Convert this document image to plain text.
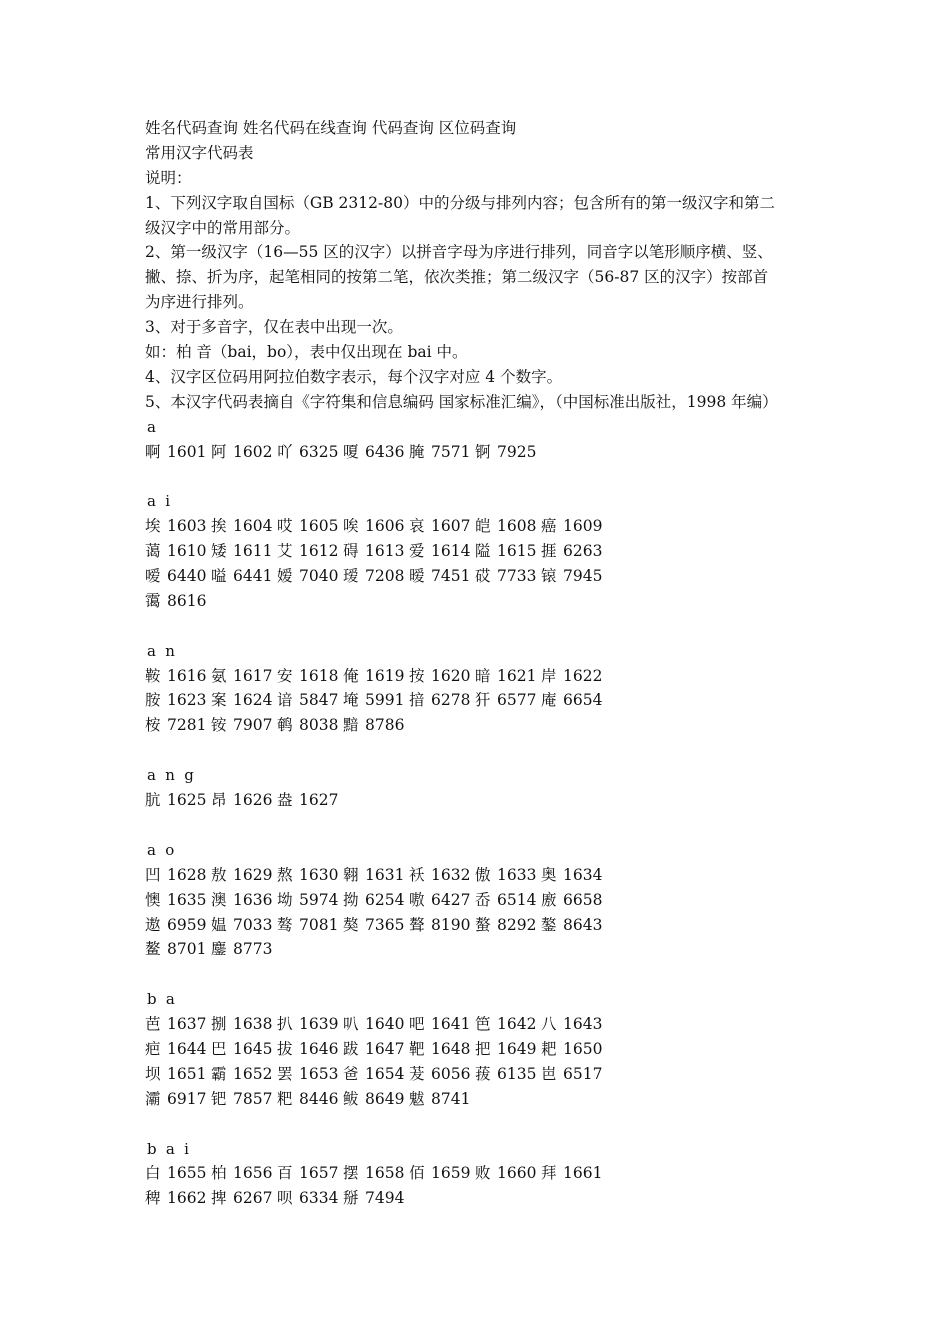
姓名代码查询 姓名代码在线查询 代码查询 区位码查询
常用汉字代码表
说明：
1、下列汉字取自国标（GB 2312-80）中的分级与排列内容；包含所有的第一级汉字和第二
级汉字中的常用部分。
2、第一级汉字（16—55 区的汉字）以拼音字母为序进行排列，同音字以笔形顺序横、竖、
撇、捺、折为序，起笔相同的按第二笔，依次类推；第二级汉字（56-87 区的汉字）按部首
为序进行排列。
3、对于多音字，仅在表中出现一次。
如：柏 音（bai，bo），表中仅出现在 bai 中。
4、汉字区位码用阿拉伯数字表示，每个汉字对应 4 个数字。
5、本汉字代码表摘自《字符集和信息编码 国家标准汇编》，（中国标准出版社，1998 年编）
a
啊 1601 阿 1602 吖 6325 嗄 6436 腌 7571 锕 7925
ai
埃 1603 挨 1604 哎 1605 唉 1606 哀 1607 皑 1608 癌 1609
蔼 1610 矮 1611 艾 1612 碍 1613 爱 1614 隘 1615 捱 6263
嗳 6440 嗌 6441 嫒 7040 瑷 7208 暧 7451 砹 7733 锿 7945
霭 8616
an
鞍 1616 氨 1617 安 1618 俺 1619 按 1620 暗 1621 岸 1622
胺 1623 案 1624 谙 5847 埯 5991 揞 6278 犴 6577 庵 6654
桉 7281 铵 7907 鹌 8038 黯 8786
ang
肮 1625 昂 1626 盎 1627
ao
凹 1628 敖 1629 熬 1630 翱 1631 袄 1632 傲 1633 奥 1634
懊 1635 澳 1636 坳 5974 拗 6254 嗷 6427 岙 6514 廒 6658
遨 6959 媪 7033 骜 7081 獒 7365 聱 8190 螯 8292 鏊 8643
鳌 8701 鏖 8773
ba
芭 1637 捌 1638 扒 1639 叭 1640 吧 1641 笆 1642 八 1643
疤 1644 巴 1645 拔 1646 跋 1647 靶 1648 把 1649 耙 1650
坝 1651 霸 1652 罢 1653 爸 1654 茇 6056 菝 6135 岜 6517
灞 6917 钯 7857 粑 8446 鲅 8649 魃 8741
bai
白 1655 柏 1656 百 1657 摆 1658 佰 1659 败 1660 拜 1661
稗 1662 捭 6267 呗 6334 掰 7494
